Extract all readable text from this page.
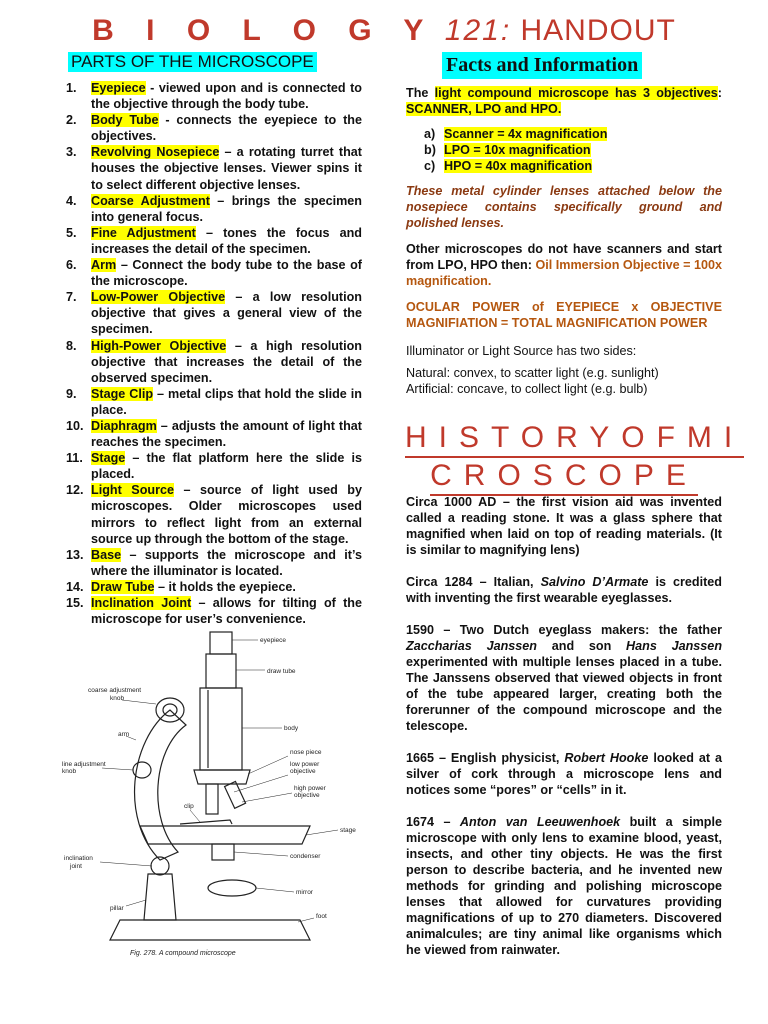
B I O L O G Y 121: HANDOUT
PARTS OF THE MICROSCOPE	Facts and Information
1. Eyepiece - viewed upon and is connected to the objective through the body tube.
2. Body Tube - connects the eyepiece to the objectives.
3. Revolving Nosepiece – a rotating turret that houses the objective lenses. Viewer spins it to select different objective lenses.
4. Coarse Adjustment – brings the specimen into general focus.
5. Fine Adjustment – tones the focus and increases the detail of the specimen.
6. Arm – Connect the body tube to the base of the microscope.
7. Low-Power Objective – a low resolution objective that gives a general view of the specimen.
8. High-Power Objective – a high resolution objective that increases the detail of the observed specimen.
9. Stage Clip – metal clips that hold the slide in place.
10. Diaphragm – adjusts the amount of light that reaches the specimen.
11. Stage – the flat platform here the slide is placed.
12. Light Source – source of light used by microscopes. Older microscopes used mirrors to reflect light from an external source up through the bottom of the stage.
13. Base – supports the microscope and it’s where the illuminator is located.
14. Draw Tube – it holds the eyepiece.
15. Inclination Joint – allows for tilting of the microscope for user’s convenience.

The light compound microscope has 3 objectives: SCANNER, LPO and HPO.

a) Scanner = 4x magnification
b) LPO = 10x magnification
c) HPO = 40x magnification

These metal cylinder lenses attached below the nosepiece contains specifically ground and polished lenses.

Other microscopes do not have scanners and start from LPO, HPO then: Oil Immersion Objective = 100x magnification.

OCULAR POWER of EYEPIECE x OBJECTIVE MAGNIFIATION = TOTAL MAGNIFICATION POWER

Illuminator or Light Source has two sides:

Natural: convex, to scatter light (e.g. sunlight)

Artificial: concave, to collect light (e.g. bulb)

HISTORYOFMI
CROSCOPE

Circa 1000 AD – the first vision aid was invented called a reading stone. It was a glass sphere that magnified when laid on top of reading materials. (It is similar to magnifying lens)

Circa 1284 – Italian, Salvino D’Armate is credited with inventing the first wearable eyeglasses.

1590 – Two Dutch eyeglass makers: the father Zaccharias Janssen and son Hans Janssen experimented with multiple lenses placed in a tube. The Janssens observed that viewed objects in front of the tube appeared larger, creating both the forerunner of the compound microscope and the telescope.

1665 – English physicist, Robert Hooke looked at a silver of cork through a microscope lens and notices some “pores” or “cells” in it.

1674 – Anton van Leeuwenhoek built a simple microscope with only lens to examine blood, yeast, insects, and other tiny objects. He was the first person to describe bacteria, and he invented new methods for grinding and polishing microscope lenses that allowed for curvatures providing magnifications of up to 270 diameters. Discovered animalcules; are tiny animal like organisms which he viewed from rainwater.

eyepiece
draw tube
coarse adjustment
knob
body
arm
nose piece
low power
objective
line adjustment
knob
high power
objective
clip
stage
condenser
inclination
joint
mirror
pillar
foot
Fig. 278. A compound microscope
